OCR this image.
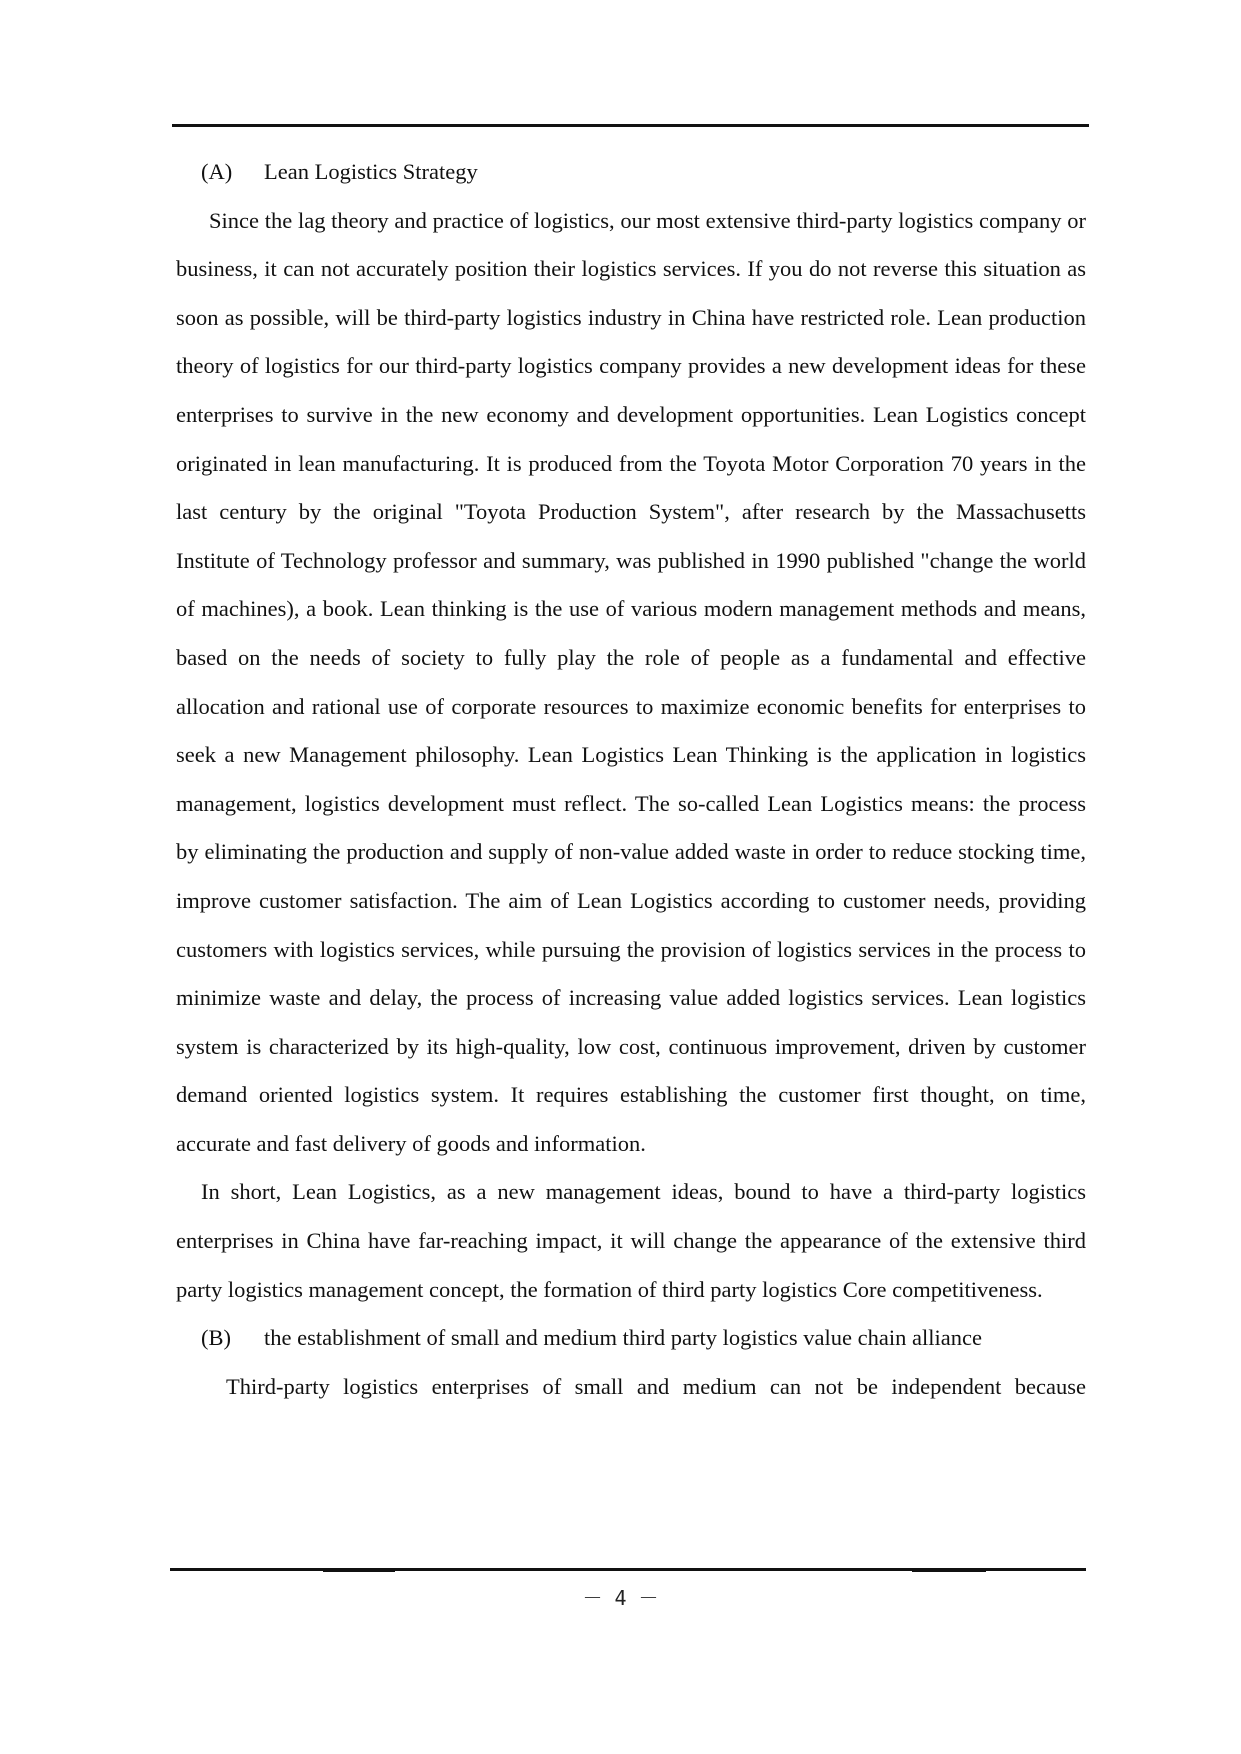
(A) Lean Logistics Strategy

Since the lag theory and practice of logistics, our most extensive third-party logistics company or business, it can not accurately position their logistics services. If you do not reverse this situation as soon as possible, will be third-party logistics industry in China have restricted role. Lean production theory of logistics for our third-party logistics company provides a new development ideas for these enterprises to survive in the new economy and development opportunities. Lean Logistics concept originated in lean manufacturing. It is produced from the Toyota Motor Corporation 70 years in the last century by the original "Toyota Production System", after research by the Massachusetts Institute of Technology professor and summary, was published in 1990 published "change the world of machines), a book. Lean thinking is the use of various modern management methods and means, based on the needs of society to fully play the role of people as a fundamental and effective allocation and rational use of corporate resources to maximize economic benefits for enterprises to seek a new Management philosophy. Lean Logistics Lean Thinking is the application in logistics management, logistics development must reflect. The so-called Lean Logistics means: the process by eliminating the production and supply of non-value added waste in order to reduce stocking time, improve customer satisfaction. The aim of Lean Logistics according to customer needs, providing customers with logistics services, while pursuing the provision of logistics services in the process to minimize waste and delay, the process of increasing value added logistics services. Lean logistics system is characterized by its high-quality, low cost, continuous improvement, driven by customer demand oriented logistics system. It requires establishing the customer first thought, on time, accurate and fast delivery of goods and information.

In short, Lean Logistics, as a new management ideas, bound to have a third-party logistics enterprises in China have far-reaching impact, it will change the appearance of the extensive third party logistics management concept, the formation of third party logistics Core competitiveness.

(B) the establishment of small and medium third party logistics value chain alliance

Third-party logistics enterprises of small and medium can not be independent because

－ 4 －
